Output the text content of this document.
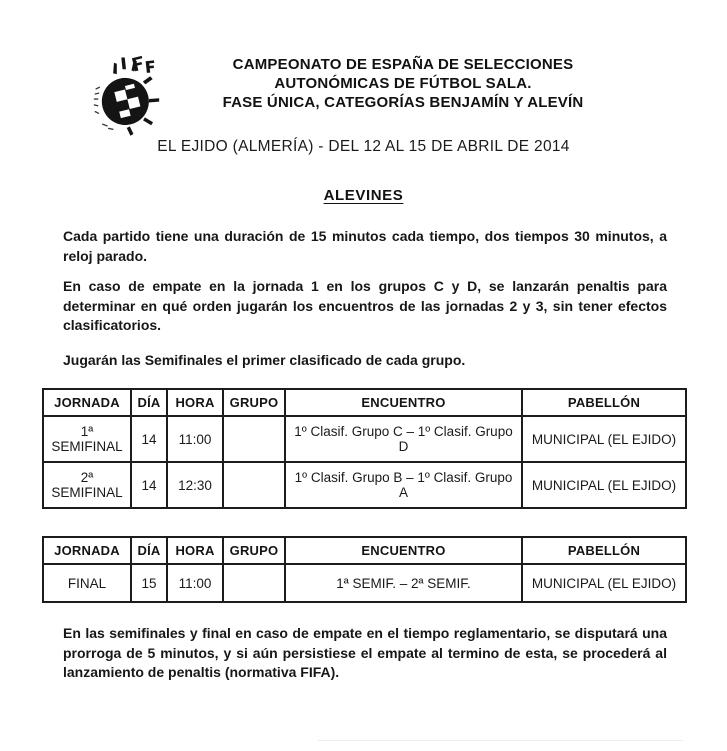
CAMPEONATO DE ESPAÑA DE SELECCIONES
AUTONÓMICAS DE FÚTBOL SALA.
FASE ÚNICA, CATEGORÍAS BENJAMÍN Y ALEVÍN
EL EJIDO (ALMERÍA) - DEL 12 AL 15 DE ABRIL DE 2014
ALEVINES

Cada partido tiene una duración de 15 minutos cada tiempo, dos tiempos 30 minutos, a reloj parado.

En caso de empate en la jornada 1 en los grupos C y D, se lanzarán penaltis para determinar en qué orden jugarán los encuentros de las jornadas 2 y 3, sin tener efectos clasificatorios.

Jugarán las Semifinales el primer clasificado de cada grupo.

JORNADA	DÍA	HORA	GRUPO	ENCUENTRO	PABELLÓN
1ª
SEMIFINAL	14	11:00		1º Clasif. Grupo C – 1º Clasif. Grupo D	MUNICIPAL (EL EJIDO)
2ª
SEMIFINAL	14	12:30		1º Clasif. Grupo B – 1º Clasif. Grupo A	MUNICIPAL (EL EJIDO)
JORNADA	DÍA	HORA	GRUPO	ENCUENTRO	PABELLÓN
FINAL	15	11:00		1ª SEMIF. – 2ª SEMIF.	MUNICIPAL (EL EJIDO)

En las semifinales y final en caso de empate en el tiempo reglamentario, se disputará una prorroga de 5 minutos, y si aún persistiese el empate al termino de esta, se procederá al lanzamiento de penaltis (normativa FIFA).
